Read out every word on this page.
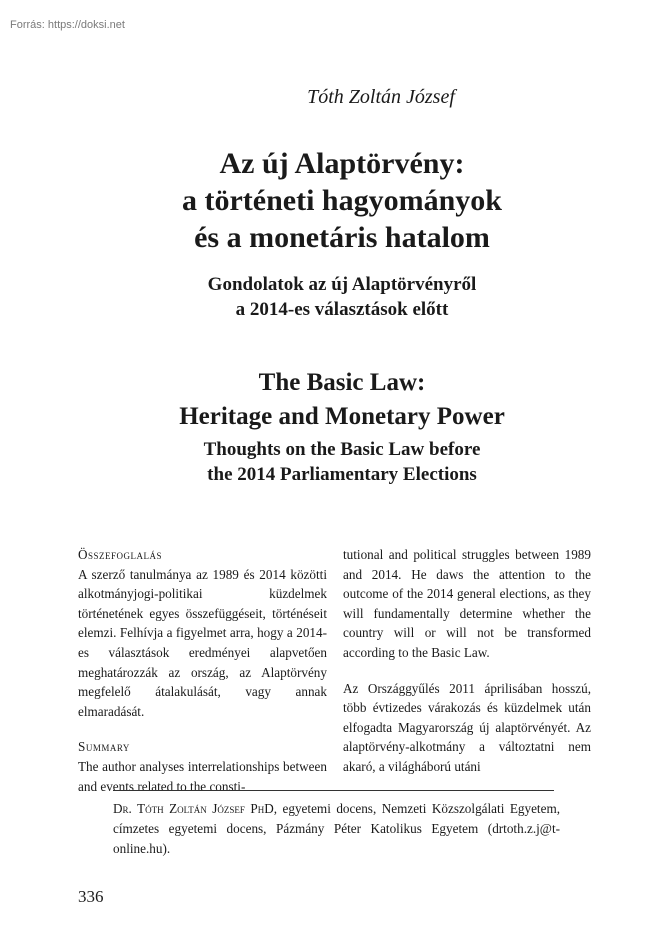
Forrás: https://doksi.net
Tóth Zoltán József
Az új Alaptörvény:
a történeti hagyományok
és a monetáris hatalom
Gondolatok az új Alaptörvényről
a 2014-es választások előtt
The Basic Law:
Heritage and Monetary Power
Thoughts on the Basic Law before
the 2014 Parliamentary Elections
Összefoglalás
A szerző tanulmánya az 1989 és 2014 közötti alkotmányjogi-politikai küzdelmek történetének egyes összefüggéseit, történéseit elemzi. Felhívja a figyelmet arra, hogy a 2014-es választások eredményei alapvetően meghatározzák az ország, az Alaptörvény megfelelő átalakulását, vagy annak elmaradását.
Summary
The author analyses interrelationships between and events related to the consti-
tutional and political struggles between 1989 and 2014. He daws the attention to the outcome of the 2014 general elections, as they will fundamentally determine whether the country will or will not be transformed according to the Basic Law.
Az Országgyűlés 2011 áprilisában hosszú, több évtizedes várakozás és küzdelmek után elfogadta Magyarország új alaptörvényét. Az alaptörvény-alkotmány a változtatni nem akaró, a világháború utáni
Dr. Tóth Zoltán József PhD, egyetemi docens, Nemzeti Közszolgálati Egyetem, címzetes egyetemi docens, Pázmány Péter Katolikus Egyetem (drtoth.z.j@t-online.hu).
336
